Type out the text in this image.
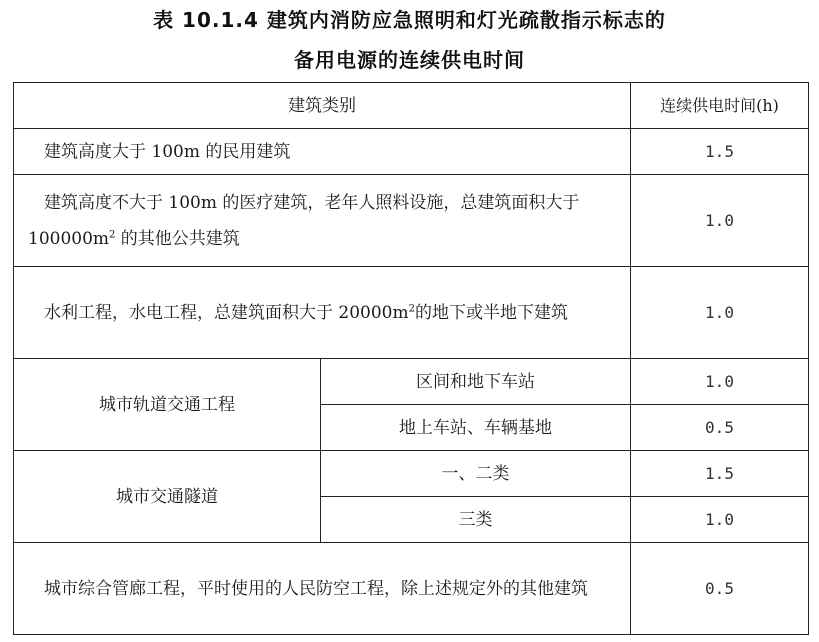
表 10.1.4 建筑内消防应急照明和灯光疏散指示标志的
备用电源的连续供电时间
建筑类别		连续供电时间(h)
建筑高度大于 100m 的民用建筑		1.5
建筑高度不大于 100m 的医疗建筑，老年人照料设施，总建筑面积大于 $100000m^2$ 的其他公共建筑		1.0
水利工程，水电工程，总建筑面积大于 $20000m^2$的地下或半地下建筑		1.0
城市轨道交通工程	区间和地下车站	1.0
	地上车站、车辆基地	0.5
城市交通隧道	一、二类	1.5
	三类	1.0
城市综合管廊工程，平时使用的人民防空工程，除上述规定外的其他建筑		0.5
